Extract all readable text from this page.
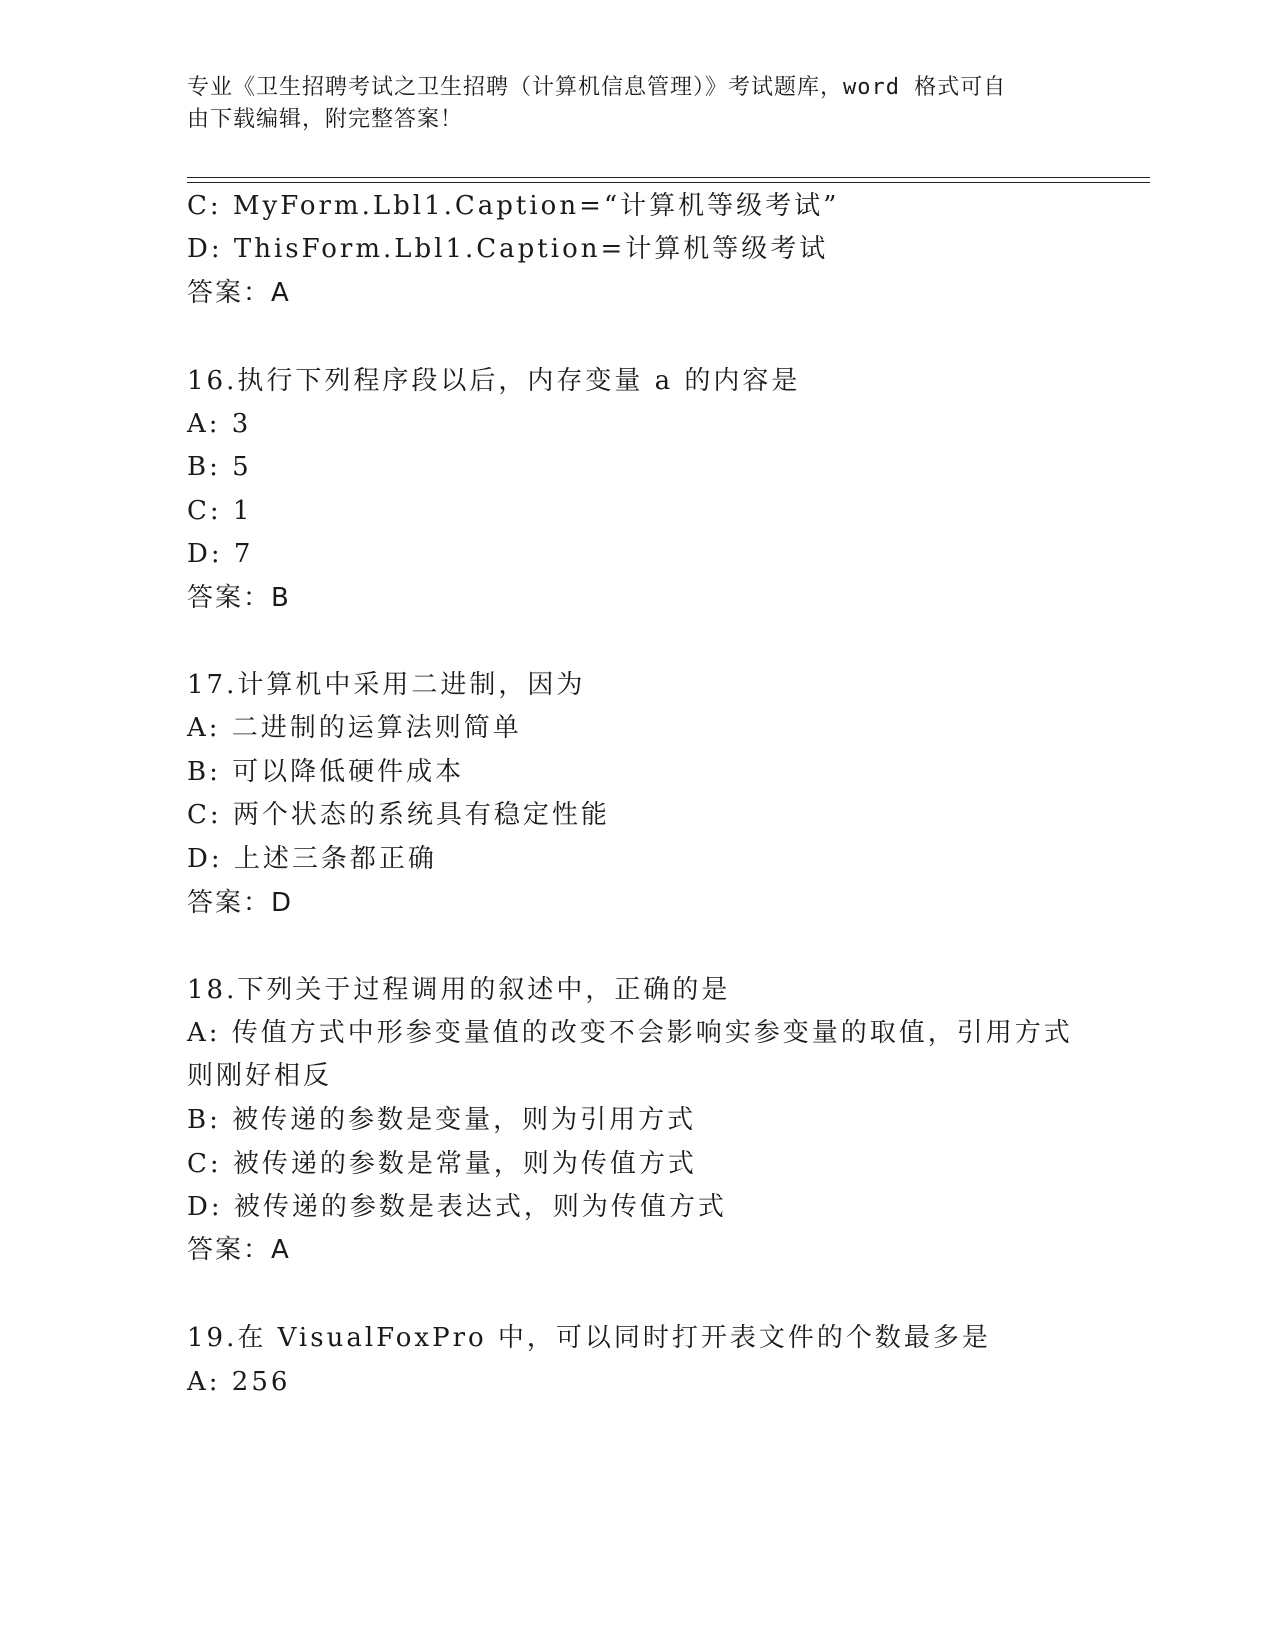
专业《卫生招聘考试之卫生招聘（计算机信息管理）》考试题库，word 格式可自
由下载编辑，附完整答案！
C: MyForm.Lbl1.Caption=“计算机等级考试”
D: ThisForm.Lbl1.Caption=计算机等级考试
答案：A
16.执行下列程序段以后，内存变量 a 的内容是
A: 3
B: 5
C: 1
D: 7
答案：B
17.计算机中采用二进制，因为
A: 二进制的运算法则简单
B: 可以降低硬件成本
C: 两个状态的系统具有稳定性能
D: 上述三条都正确
答案：D
18.下列关于过程调用的叙述中，正确的是
A: 传值方式中形参变量值的改变不会影响实参变量的取值，引用方式
则刚好相反
B: 被传递的参数是变量，则为引用方式
C: 被传递的参数是常量，则为传值方式
D: 被传递的参数是表达式，则为传值方式
答案：A
19.在 VisualFoxPro 中，可以同时打开表文件的个数最多是
A: 256
